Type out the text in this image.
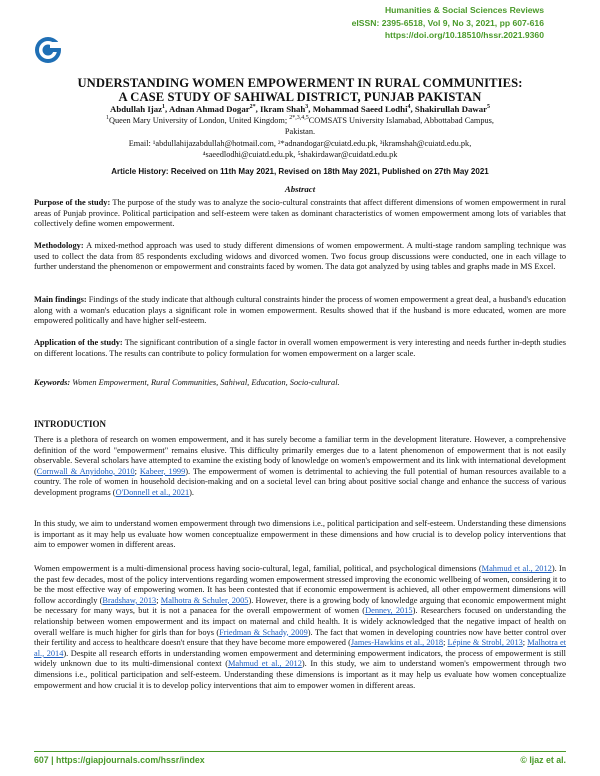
Humanities & Social Sciences Reviews
eISSN: 2395-6518, Vol 9, No 3, 2021, pp 607-616
https://doi.org/10.18510/hssr.2021.9360
UNDERSTANDING WOMEN EMPOWERMENT IN RURAL COMMUNITIES:
A CASE STUDY OF SAHIWAL DISTRICT, PUNJAB PAKISTAN
Abdullah Ijaz$^1$, Adnan Ahmad Dogar$^{2*}$, Ikram Shah$^3$, Mohammad Saeed Lodhi$^4$, Shakirullah Dawar$^5$
$^1$Queen Mary University of London, United Kingdom; $^{2*,3,4,5}$COMSATS University Islamabad, Abbottabad Campus,
Pakistan.
Email: ¹abdullahijazabdullah@hotmail.com, ²*adnandogar@cuiatd.edu.pk, ³ikramshah@cuiatd.edu.pk,
⁴saeedlodhi@cuiatd.edu.pk, ⁵shakirdawar@cuidatd.edu.pk
Article History: Received on 11th May 2021, Revised on 18th May 2021, Published on 27th May 2021
Abstract
Purpose of the study: The purpose of the study was to analyze the socio-cultural constraints that affect different dimensions of women empowerment in rural areas of Punjab province. Political participation and self-esteem were taken as dominant characteristics of women empowerment among lots of variables that collectively define women empowerment.
Methodology: A mixed-method approach was used to study different dimensions of women empowerment. A multi-stage random sampling technique was used to collect the data from 85 respondents excluding widows and divorced women. Two focus group discussions were conducted, one in each village to further understand the phenomenon or empowerment and constraints faced by women. The data got analyzed by using tables and graphs made in MS Excel.
Main findings: Findings of the study indicate that although cultural constraints hinder the process of women empowerment a great deal, a husband's education along with a woman's education plays a significant role in women empowerment. Results showed that if the husband is more educated, women are more empowered politically and have higher self-esteem.
Application of the study: The significant contribution of a single factor in overall women empowerment is very interesting and needs further in-depth studies on different locations. The results can contribute to policy formulation for women empowerment on a larger scale.
Keywords: Women Empowerment, Rural Communities, Sahiwal, Education, Socio-cultural.
INTRODUCTION
There is a plethora of research on women empowerment, and it has surely become a familiar term in the development literature. However, a comprehensive definition of the word "empowerment" remains elusive. This difficulty primarily emerges due to a latent phenomenon of empowerment that is not easily observable. Several scholars have attempted to examine the existing body of knowledge on women's empowerment and its link with international development (Cornwall & Anyidoho, 2010; Kabeer, 1999). The empowerment of women is detrimental to achieving the full potential of human resources available to a country. The role of women in household decision-making and on a societal level can bring about positive social change and enhance the success of various development programs (O'Donnell et al., 2021).
In this study, we aim to understand women empowerment through two dimensions i.e., political participation and self-esteem. Understanding these dimensions is important as it may help us evaluate how women conceptualize empowerment in these dimensions and how crucial is to develop policy interventions that aim to empower women in different areas.
Women empowerment is a multi-dimensional process having socio-cultural, legal, familial, political, and psychological dimensions (Mahmud et al., 2012). In the past few decades, most of the policy interventions regarding women empowerment stressed improving the economic wellbeing of women, considering it to be the most effective way of empowering women. It has been contested that if economic empowerment is achieved, all other empowerment dimensions will follow accordingly (Bradshaw, 2013; Malhotra & Schuler, 2005). However, there is a growing body of knowledge arguing that economic empowerment might be necessary for many ways, but it is not a panacea for the overall empowerment of women (Denney, 2015). Researchers focused on understanding the relationship between women empowerment and its impact on maternal and child health. It is widely acknowledged that the negative impact of health on overall welfare is much higher for girls than for boys (Friedman & Schady, 2009). The fact that women in developing countries now have better control over their fertility and access to healthcare doesn't ensure that they have become more empowered (James-Hawkins et al., 2018; Lépine & Strobl, 2013; Malhotra et al., 2014). Despite all research efforts in understanding women empowerment and determining empowerment indicators, the process of empowerment is still widely unknown due to its multi-dimensional context (Mahmud et al., 2012). In this study, we aim to understand women's empowerment through two dimensions i.e., political participation and self-esteem. Understanding these dimensions is important as it may help us evaluate how women conceptualize empowerment and how crucial it is to develop policy interventions that aim to empower women in different areas.
607 | https://giapjournals.com/hssr/index	© Ijaz et al.
